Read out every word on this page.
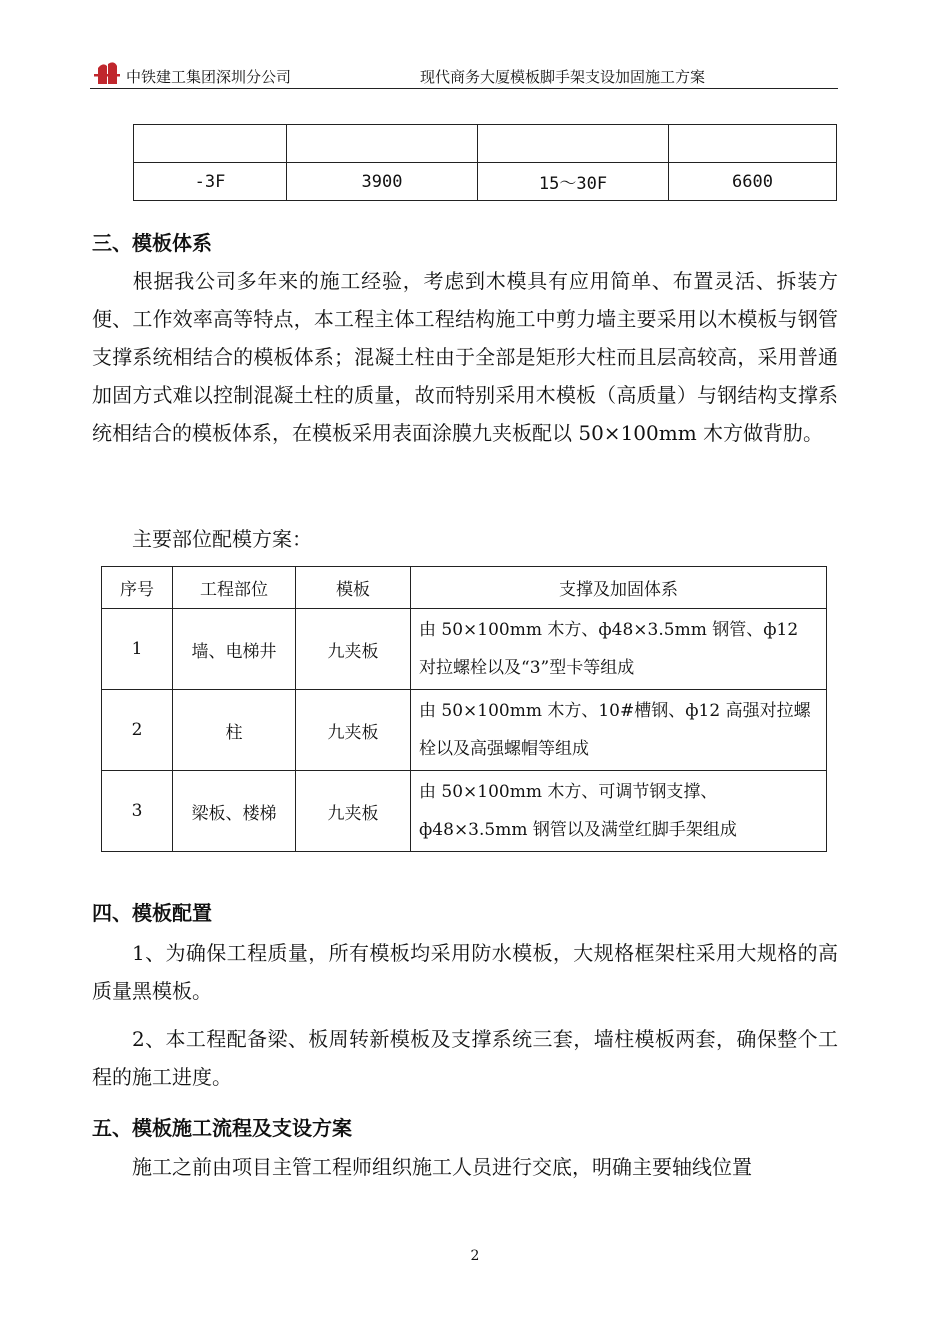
中铁建工集团深圳分公司	现代商务大厦模板脚手架支设加固施工方案

-3F	3900	15～30F	6600
三、模板体系
根据我公司多年来的施工经验，考虑到木模具有应用简单、布置灵活、拆装方便、工作效率高等特点，本工程主体工程结构施工中剪力墙主要采用以木模板与钢管支撑系统相结合的模板体系；混凝土柱由于全部是矩形大柱而且层高较高，采用普通加固方式难以控制混凝土柱的质量，故而特别采用木模板（高质量）与钢结构支撑系统相结合的模板体系，在模板采用表面涂膜九夹板配以 50×100mm 木方做背肋。
主要部位配模方案：
序号	工程部位	模板	支撑及加固体系
1	墙、电梯井	九夹板	由 50×100mm 木方、ф48×3.5mm 钢管、ф12 对拉螺栓以及“3”型卡等组成
2	柱	九夹板	由 50×100mm 木方、10#槽钢、ф12 高强对拉螺栓以及高强螺帽等组成
3	梁板、楼梯	九夹板	由 50×100mm 木方、可调节钢支撑、ф48×3.5mm 钢管以及满堂红脚手架组成
四、模板配置
1、为确保工程质量，所有模板均采用防水模板，大规格框架柱采用大规格的高质量黑模板。
2、本工程配备梁、板周转新模板及支撑系统三套，墙柱模板两套，确保整个工程的施工进度。
五、模板施工流程及支设方案
施工之前由项目主管工程师组织施工人员进行交底，明确主要轴线位置
2
